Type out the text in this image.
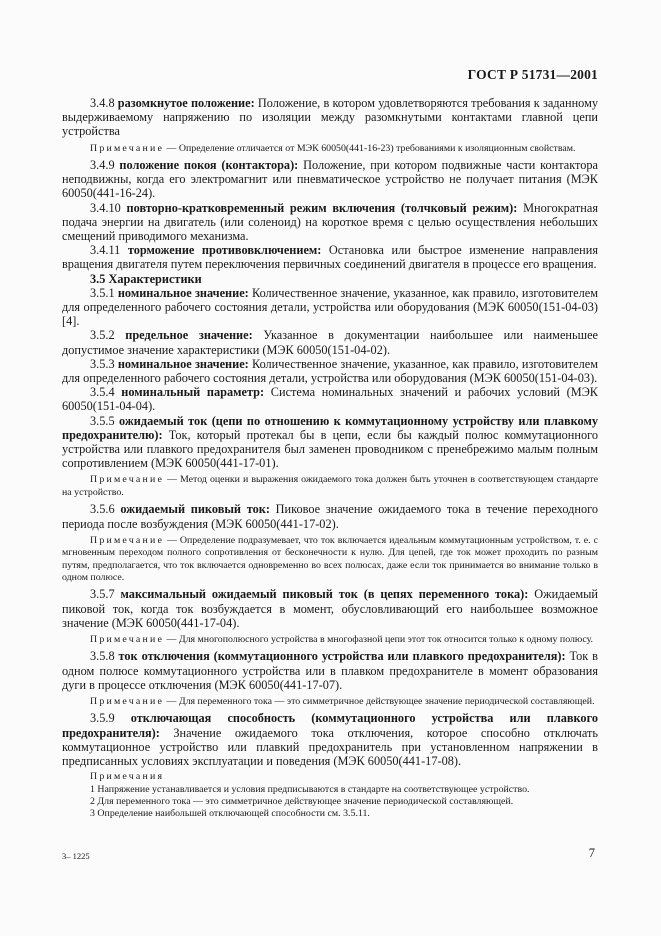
ГОСТ Р 51731—2001

3.4.8 разомкнутое положение: Положение, в котором удовлетворяются требования к заданному выдерживаемому напряжению по изоляции между разомкнутыми контактами главной цепи устройства

Примечание — Определение отличается от МЭК 60050(441-16-23) требованиями к изоляционным свойствам.

3.4.9 положение покоя (контактора): Положение, при котором подвижные части контактора неподвижны, когда его электромагнит или пневматическое устройство не получает питания (МЭК 60050(441-16-24).

3.4.10 повторно-кратковременный режим включения (толчковый режим): Многократная подача энергии на двигатель (или соленоид) на короткое время с целью осуществления небольших смещений приводимого механизма.

3.4.11 торможение противовключением: Остановка или быстрое изменение направления вращения двигателя путем переключения первичных соединений двигателя в процессе его вращения.

3.5 Характеристики

3.5.1 номинальное значение: Количественное значение, указанное, как правило, изготовителем для определенного рабочего состояния детали, устройства или оборудования (МЭК 60050(151-04-03) [4].

3.5.2 предельное значение: Указанное в документации наибольшее или наименьшее допустимое значение характеристики (МЭК 60050(151-04-02).

3.5.3 номинальное значение: Количественное значение, указанное, как правило, изготовителем для определенного рабочего состояния детали, устройства или оборудования (МЭК 60050(151-04-03).

3.5.4 номинальный параметр: Система номинальных значений и рабочих условий (МЭК 60050(151-04-04).

3.5.5 ожидаемый ток (цепи по отношению к коммутационному устройству или плавкому предохранителю): Ток, который протекал бы в цепи, если бы каждый полюс коммутационного устройства или плавкого предохранителя был заменен проводником с пренебрежимо малым полным сопротивлением (МЭК 60050(441-17-01).

Примечание — Метод оценки и выражения ожидаемого тока должен быть уточнен в соответствующем стандарте на устройство.

3.5.6 ожидаемый пиковый ток: Пиковое значение ожидаемого тока в течение переходного периода после возбуждения (МЭК 60050(441-17-02).

Примечание — Определение подразумевает, что ток включается идеальным коммутационным устройством, т. е. с мгновенным переходом полного сопротивления от бесконечности к нулю. Для цепей, где ток может проходить по разным путям, предполагается, что ток включается одновременно во всех полюсах, даже если ток принимается во внимание только в одном полюсе.

3.5.7 максимальный ожидаемый пиковый ток (в цепях переменного тока): Ожидаемый пиковой ток, когда ток возбуждается в момент, обусловливающий его наибольшее возможное значение (МЭК 60050(441-17-04).

Примечание — Для многополюсного устройства в многофазной цепи этот ток относится только к одному полюсу.

3.5.8 ток отключения (коммутационного устройства или плавкого предохранителя): Ток в одном полюсе коммутационного устройства или в плавком предохранителе в момент образования дуги в процессе отключения (МЭК 60050(441-17-07).

Примечание — Для переменного тока — это симметричное действующее значение периодической составляющей.

3.5.9 отключающая способность (коммутационного устройства или плавкого предохранителя): Значение ожидаемого тока отключения, которое способно отключать коммутационное устройство или плавкий предохранитель при установленном напряжении в предписанных условиях эксплуатации и поведения (МЭК 60050(441-17-08).

Примечания

1 Напряжение устанавливается и условия предписываются в стандарте на соответствующее устройство.

2 Для переменного тока — это симметричное действующее значение периодической составляющей.

3 Определение наибольшей отключающей способности см. 3.5.11.

3– 1225	7
